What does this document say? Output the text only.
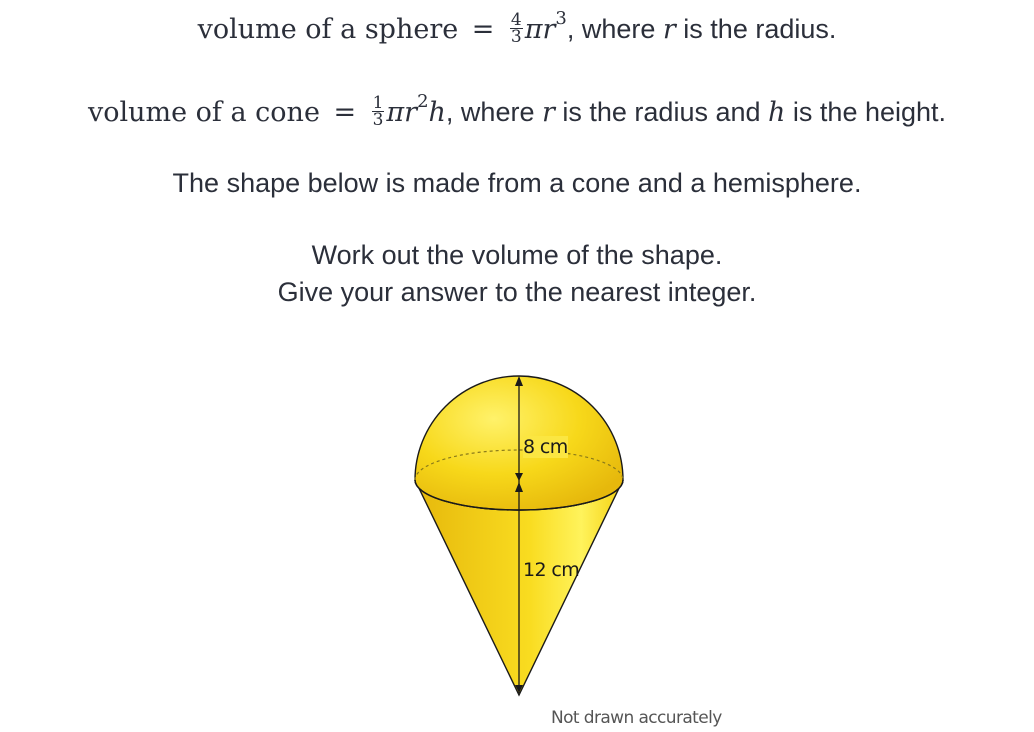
volume of a sphere = $\frac{4}{3} \pi r^3$, where r is the radius.
volume of a cone = $\frac{1}{3} \pi r^2h$, where r is the radius and h is the height.
The shape below is made from a cone and a hemisphere.
Work out the volume of the shape.
Give your answer to the nearest integer.
8 cm
12 cm
Not drawn accurately
